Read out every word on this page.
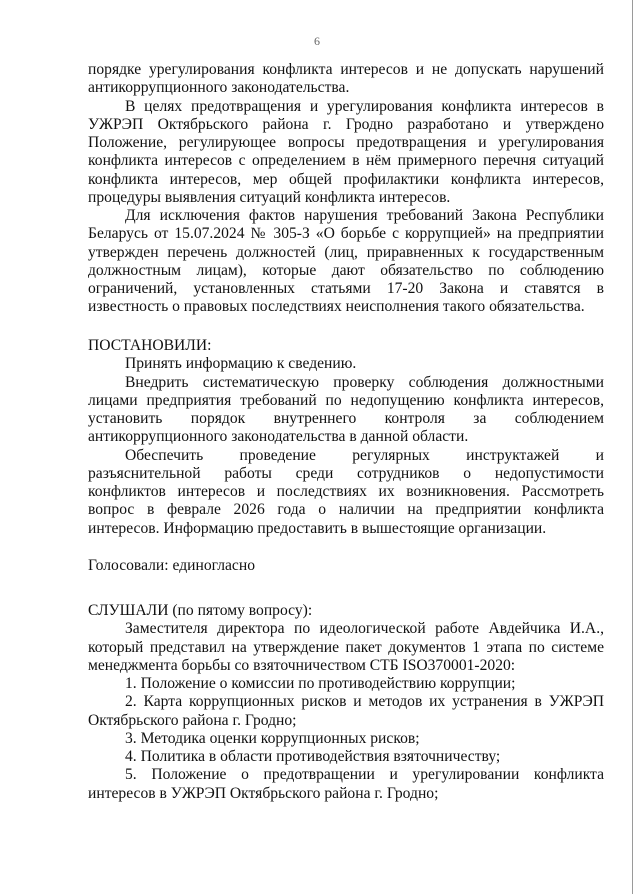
6
порядке урегулирования конфликта интересов и не допускать нарушений
антикоррупционного законодательства.
В целях предотвращения и урегулирования конфликта интересов в
УЖРЭП Октябрьского района г. Гродно разработано и утверждено
Положение, регулирующее вопросы предотвращения и урегулирования
конфликта интересов с определением в нём примерного перечня ситуаций
конфликта интересов, мер общей профилактики конфликта интересов,
процедуры выявления ситуаций конфликта интересов.
Для исключения фактов нарушения требований Закона Республики
Беларусь от 15.07.2024 № 305-З «О борьбе с коррупцией» на предприятии
утвержден перечень должностей (лиц, приравненных к государственным
должностным лицам), которые дают обязательство по соблюдению
ограничений, установленных статьями 17-20 Закона и ставятся в
известность о правовых последствиях неисполнения такого обязательства.
ПОСТАНОВИЛИ:
Принять информацию к сведению.
Внедрить систематическую проверку соблюдения должностными
лицами предприятия требований по недопущению конфликта интересов,
установить порядок внутреннего контроля за соблюдением
антикоррупционного законодательства в данной области.
Обеспечить проведение регулярных инструктажей и
разъяснительной работы среди сотрудников о недопустимости
конфликтов интересов и последствиях их возникновения. Рассмотреть
вопрос в феврале 2026 года о наличии на предприятии конфликта
интересов. Информацию предоставить в вышестоящие организации.
Голосовали: единогласно
СЛУШАЛИ (по пятому вопросу):
Заместителя директора по идеологической работе Авдейчика И.А.,
который представил на утверждение пакет документов 1 этапа по системе
менеджмента борьбы со взяточничеством СТБ ISO370001-2020:
1. Положение о комиссии по противодействию коррупции;
2. Карта коррупционных рисков и методов их устранения в УЖРЭП
Октябрьского района г. Гродно;
3. Методика оценки коррупционных рисков;
4. Политика в области противодействия взяточничеству;
5. Положение о предотвращении и урегулировании конфликта
интересов в УЖРЭП Октябрьского района г. Гродно;
